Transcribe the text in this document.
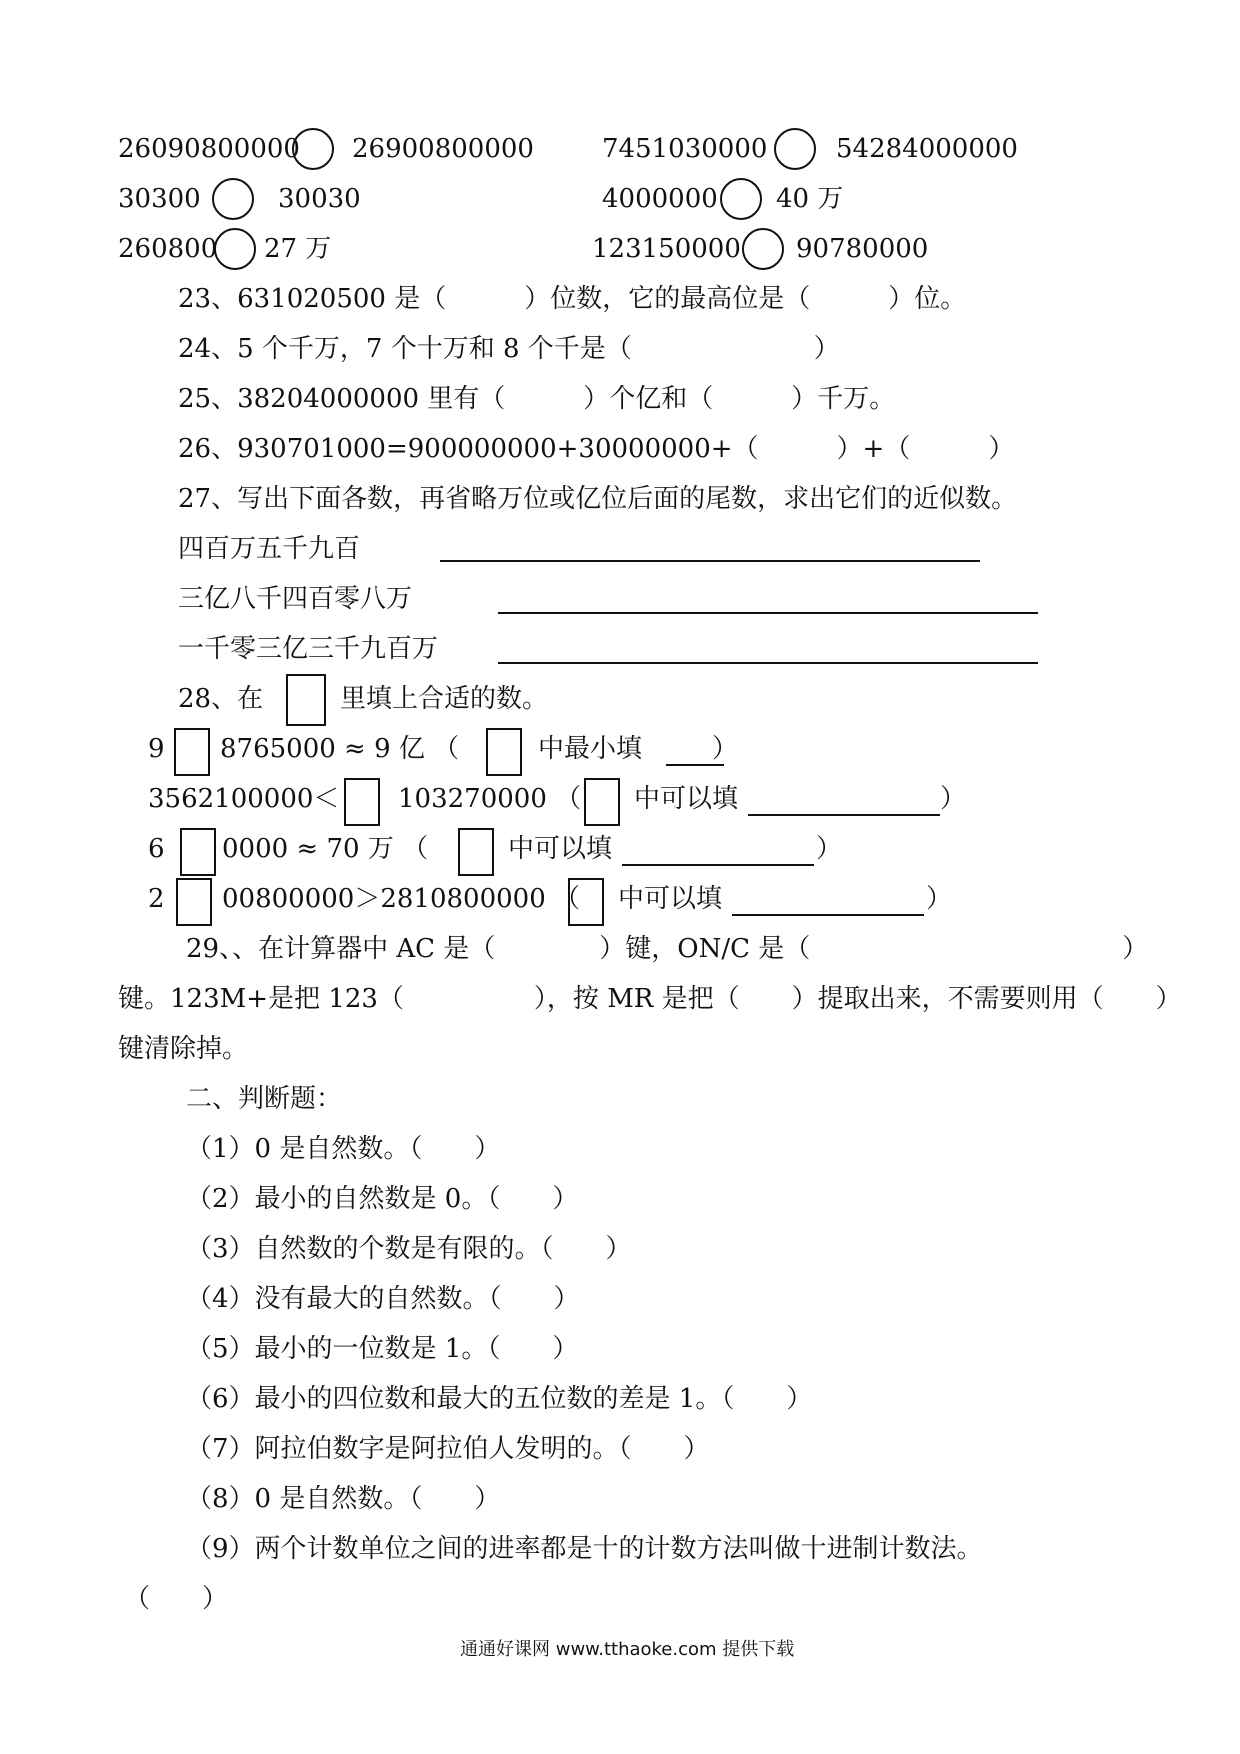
26090800000 26900800000	7451030000	54284000000
30300	30030	4000000 40 万
260800 27 万	123150000 90780000
23、631020500 是（　　　）位数，它的最高位是（　　　）位。
24、5 个千万，7 个十万和 8 个千是（　　　　　　　）
25、38204000000 里有（　　　）个亿和（　　　）千万。
26、930701000=900000000+30000000+（　　　）+（　　　）
27、写出下面各数，再省略万位或亿位后面的尾数，求出它们的近似数。
四百万五千九百
三亿八千四百零八万
一千零三亿三千九百万
28、在	里填上合适的数。
9 8765000 ≈ 9 亿 （	中最小填	）
3562100000＜ 103270000 （ 中可以填	）
6 0000 ≈ 70 万 （	中可以填	）
2 00800000＞2810800000 （ 中可以填	）
29、、在计算器中 AC 是（　　　　）键，ON/C 是（　　　　　　　　　　　　）
键。123M+是把 123（　　　　　），按 MR 是把（　　）提取出来，不需要则用（　　）
键清除掉。
二、判断题：
（1）0 是自然数。（　　）
（2）最小的自然数是 0。（　　）
（3）自然数的个数是有限的。（　　）
（4）没有最大的自然数。（　　）
（5）最小的一位数是 1。（　　）
（6）最小的四位数和最大的五位数的差是 1。（　　）
（7）阿拉伯数字是阿拉伯人发明的。（　　）
（8）0 是自然数。（　　）
（9）两个计数单位之间的进率都是十的计数方法叫做十进制计数法。
（　　）
通通好课网 www.tthaoke.com 提供下载
